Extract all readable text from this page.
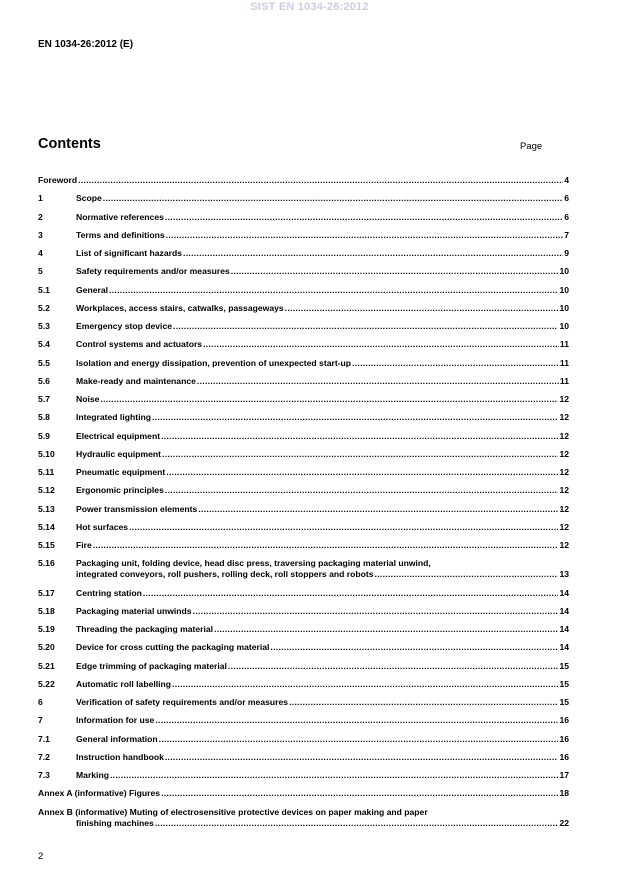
SIST EN 1034-26:2012
EN 1034-26:2012 (E)
Contents	Page
Foreword .....	4
1	Scope .....	6
2	Normative references .....	6
3	Terms and definitions .....	7
4	List of significant hazards .....	9
5	Safety requirements and/or measures .....	10
5.1	General .....	10
5.2	Workplaces, access stairs, catwalks, passageways .....	10
5.3	Emergency stop device .....	10
5.4	Control systems and actuators .....	11
5.5	Isolation and energy dissipation, prevention of unexpected start-up .....	11
5.6	Make-ready and maintenance .....	11
5.7	Noise .....	12
5.8	Integrated lighting .....	12
5.9	Electrical equipment .....	12
5.10 Hydraulic equipment .....	12
5.11	Pneumatic equipment .....	12
5.12 Ergonomic principles .....	12
5.13 Power transmission elements .....	12
5.14 Hot surfaces .....	12
5.15 Fire .....	12
5.16 Packaging unit, folding device, head disc press, traversing packaging material unwind,
integrated conveyors, roll pushers, rolling deck, roll stoppers and robots .....	13
5.17 Centring station .....	14
5.18 Packaging material unwinds .....	14
5.19 Threading the packaging material .....	14
5.20 Device for cross cutting the packaging material .....	14
5.21 Edge trimming of packaging material .....	15
5.22 Automatic roll labelling .....	15
6	Verification of safety requirements and/or measures .....	15
7	Information for use .....	16
7.1	General information .....	16
7.2	Instruction handbook .....	16
7.3	Marking .....	17
Annex A (informative) Figures .....	18
Annex B (informative) Muting of electrosensitive protective devices on paper making and paper
finishing machines .....	22
2
